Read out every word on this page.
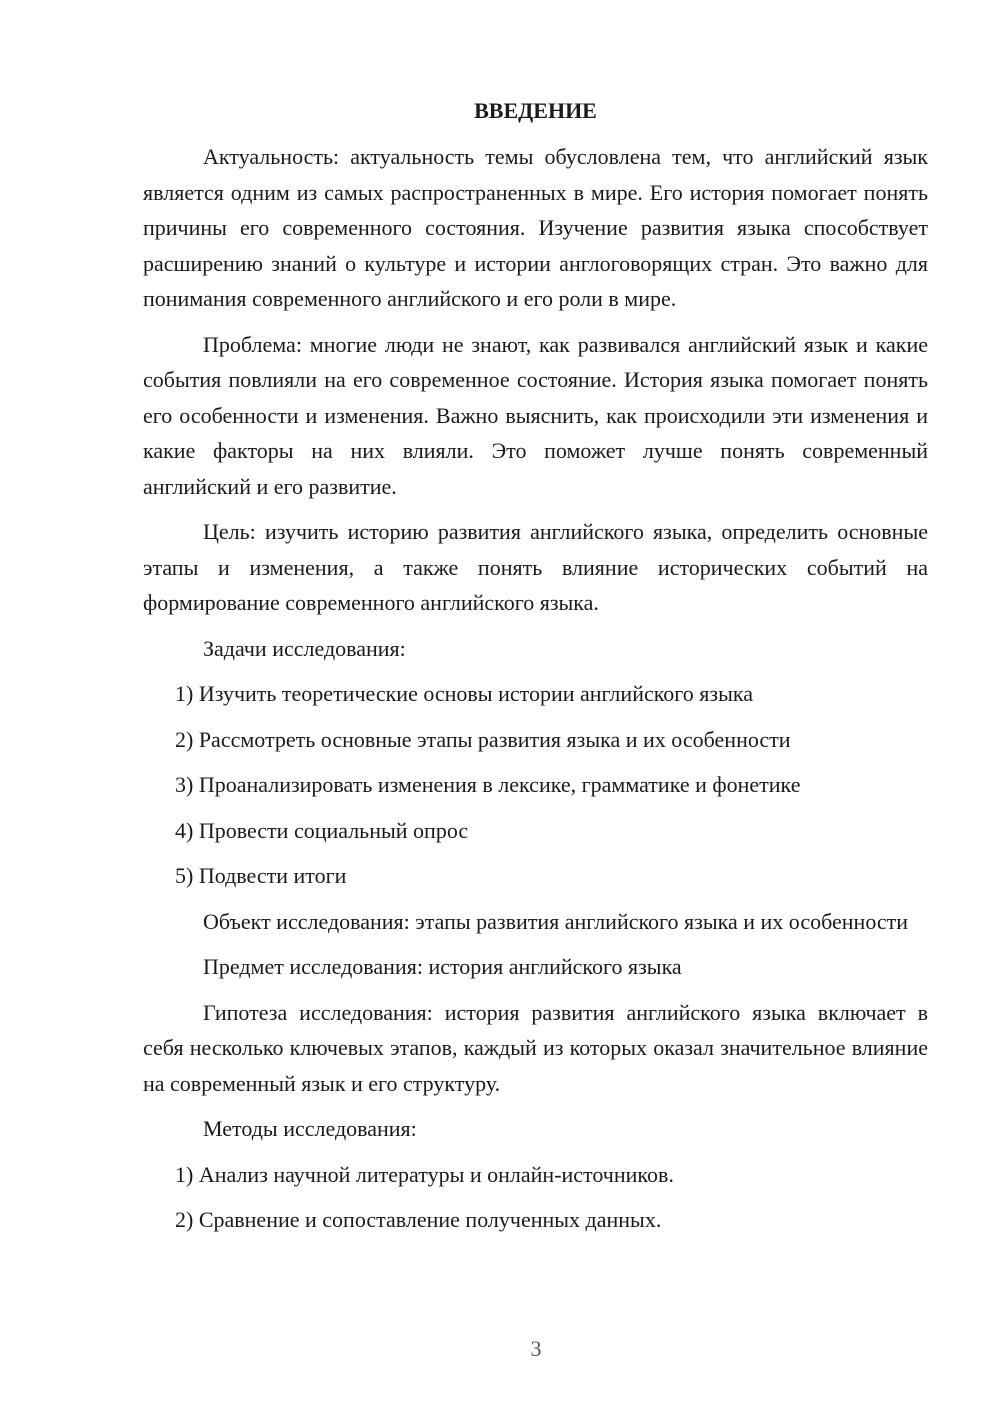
ВВЕДЕНИЕ

Актуальность: актуальность темы обусловлена тем, что английский язык является одним из самых распространенных в мире. Его история помогает понять причины его современного состояния. Изучение развития языка способствует расширению знаний о культуре и истории англоговорящих стран. Это важно для понимания современного английского и его роли в мире.

Проблема: многие люди не знают, как развивался английский язык и какие события повлияли на его современное состояние. История языка помогает понять его особенности и изменения. Важно выяснить, как происходили эти изменения и какие факторы на них влияли. Это поможет лучше понять современный английский и его развитие.

Цель: изучить историю развития английского языка, определить основные этапы и изменения, а также понять влияние исторических событий на формирование современного английского языка.

Задачи исследования:

1) Изучить теоретические основы истории английского языка
2) Рассмотреть основные этапы развития языка и их особенности
3) Проанализировать изменения в лексике, грамматике и фонетике
4) Провести социальный опрос
5) Подвести итоги

Объект исследования: этапы развития английского языка и их особенности

Предмет исследования: история английского языка

Гипотеза исследования: история развития английского языка включает в себя несколько ключевых этапов, каждый из которых оказал значительное влияние на современный язык и его структуру.

Методы исследования:

1) Анализ научной литературы и онлайн-источников.
2) Сравнение и сопоставление полученных данных.
3
